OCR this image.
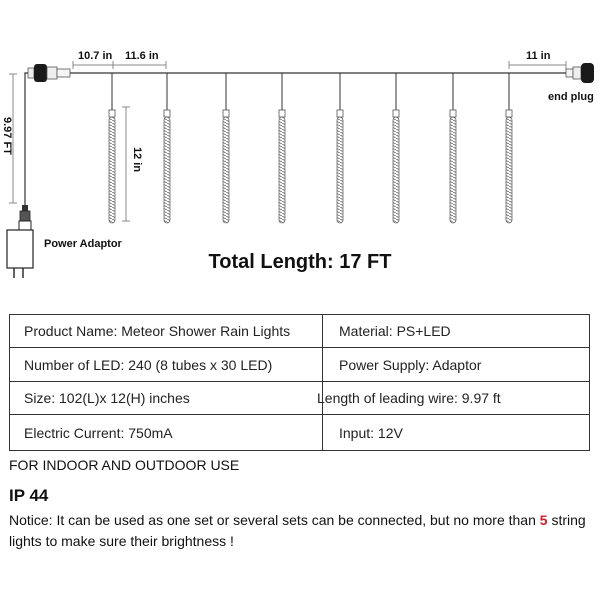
10.7 in 11.6 in	11 in
end plug
Power Adaptor
12 in
9.97 FT
Total Length: 17 FT
Product Name: Meteor Shower Rain Lights	Material: PS+LED
Number of LED: 240 (8 tubes x 30 LED)	Power Supply: Adaptor
Size: 102(L)x 12(H) inches	Length of leading wire: 9.97 ft
Electric Current: 750mA	Input: 12V
FOR INDOOR AND OUTDOOR USE
IP 44
Notice: It can be used as one set or several sets can be connected, but no more than 5 string lights to make sure their brightness !
